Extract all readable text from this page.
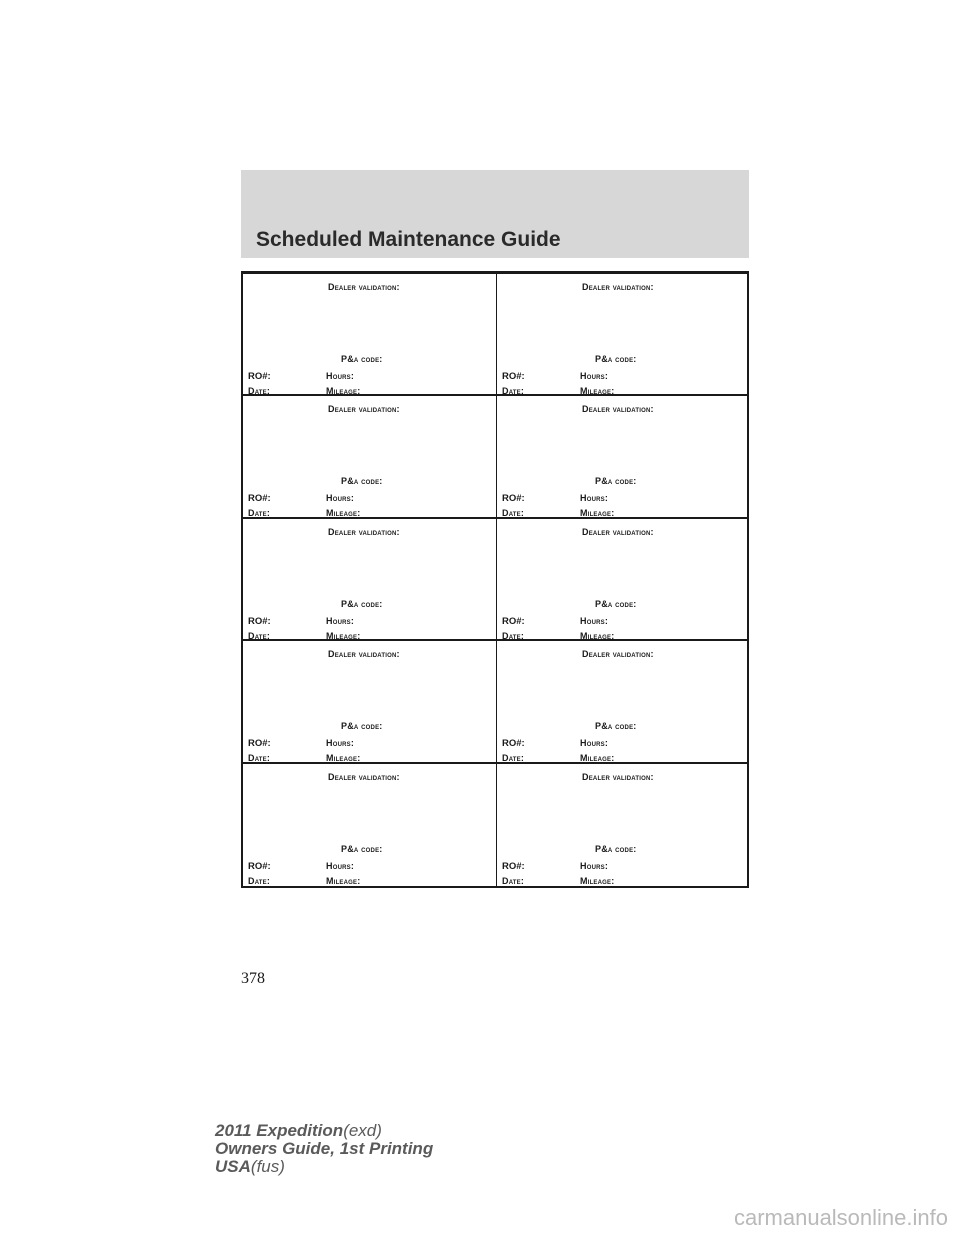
Scheduled Maintenance Guide
Dealer validation:
P&a code:
RO#:	hours:
Date:	mileage:
Dealer validation:
P&a code:
RO#:	hours:
Date:	mileage:
Dealer validation:
P&a code:
RO#:	hours:
Date:	mileage:
Dealer validation:
P&a code:
RO#:	hours:
Date:	mileage:
Dealer validation:
P&a code:
RO#:	hours:
Date:	mileage:
Dealer validation:
P&a code:
RO#:	hours:
Date:	mileage:
Dealer validation:
P&a code:
RO#:	hours:
Date:	mileage:
Dealer validation:
P&a code:
RO#:	hours:
Date:	mileage:
Dealer validation:
P&a code:
RO#:	hours:
Date:	mileage:
Dealer validation:
P&a code:
RO#:	hours:
Date:	mileage:
378
2011 Expedition(exd)
Owners Guide, 1st Printing
USA(fus)
carmanualsonline.info
